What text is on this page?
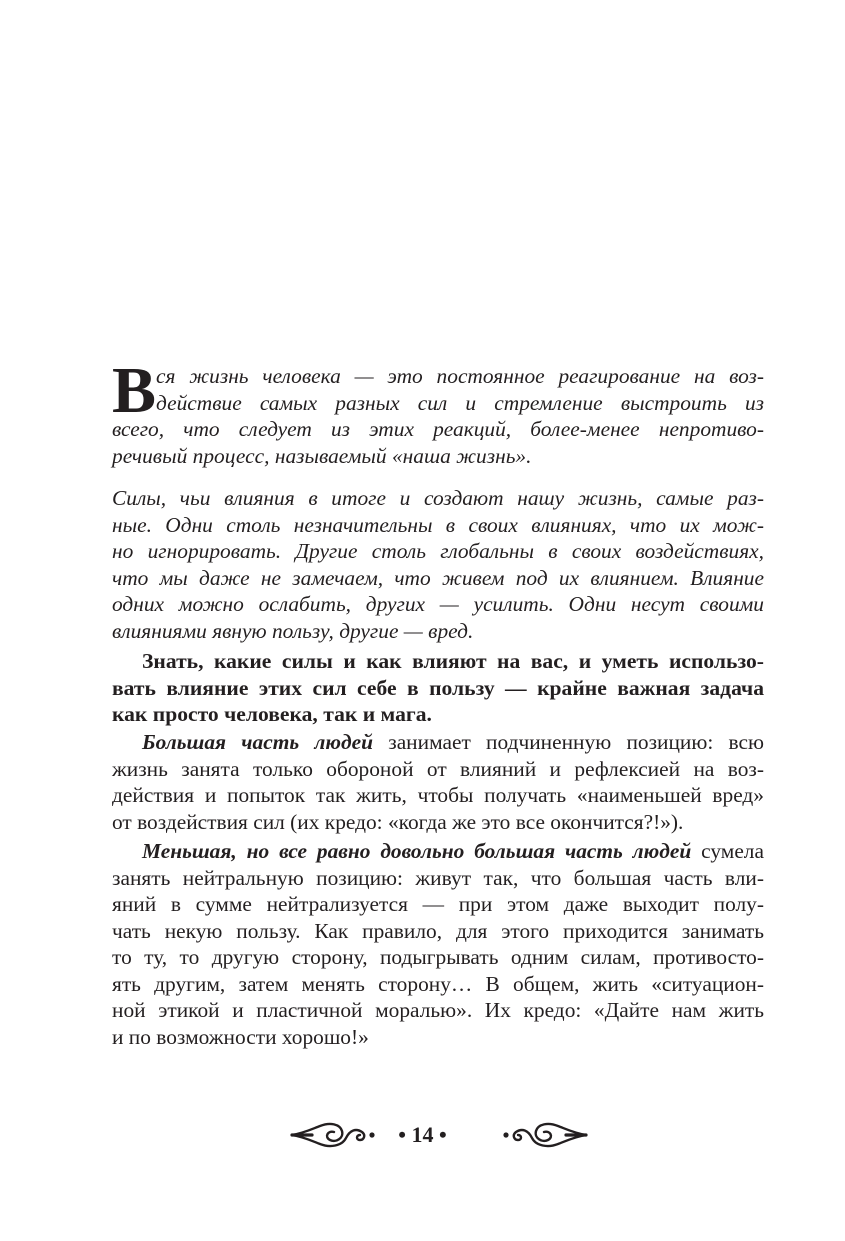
В ся жизнь человека — это постоянное реагирование на воз-
действие самых разных сил и стремление выстроить из
всего, что следует из этих реакций, более-менее непротиво-
речивый процесс, называемый «наша жизнь».
Силы, чьи влияния в итоге и создают нашу жизнь, самые раз-
ные. Одни столь незначительны в своих влияниях, что их мож-
но игнорировать. Другие столь глобальны в своих воздействиях,
что мы даже не замечаем, что живем под их влиянием. Влияние
одних можно ослабить, других — усилить. Одни несут своими
влияниями явную пользу, другие — вред.
Знать, какие силы и как влияют на вас, и уметь использо-
вать влияние этих сил себе в пользу — крайне важная задача
как просто человека, так и мага.
Большая часть людей занимает подчиненную позицию: всю
жизнь занята только обороной от влияний и рефлексией на воз-
действия и попыток так жить, чтобы получать «наименьшей вред»
от воздействия сил (их кредо: «когда же это все окончится?!»).
Меньшая, но все равно довольно большая часть людей сумела
занять нейтральную позицию: живут так, что большая часть вли-
яний в сумме нейтрализуется — при этом даже выходит полу-
чать некую пользу. Как правило, для этого приходится занимать
то ту, то другую сторону, подыгрывать одним силам, противосто-
ять другим, затем менять сторону… В общем, жить «ситуацион-
ной этикой и пластичной моралью». Их кредо: «Дайте нам жить
и по возможности хорошо!»
• 14 •
